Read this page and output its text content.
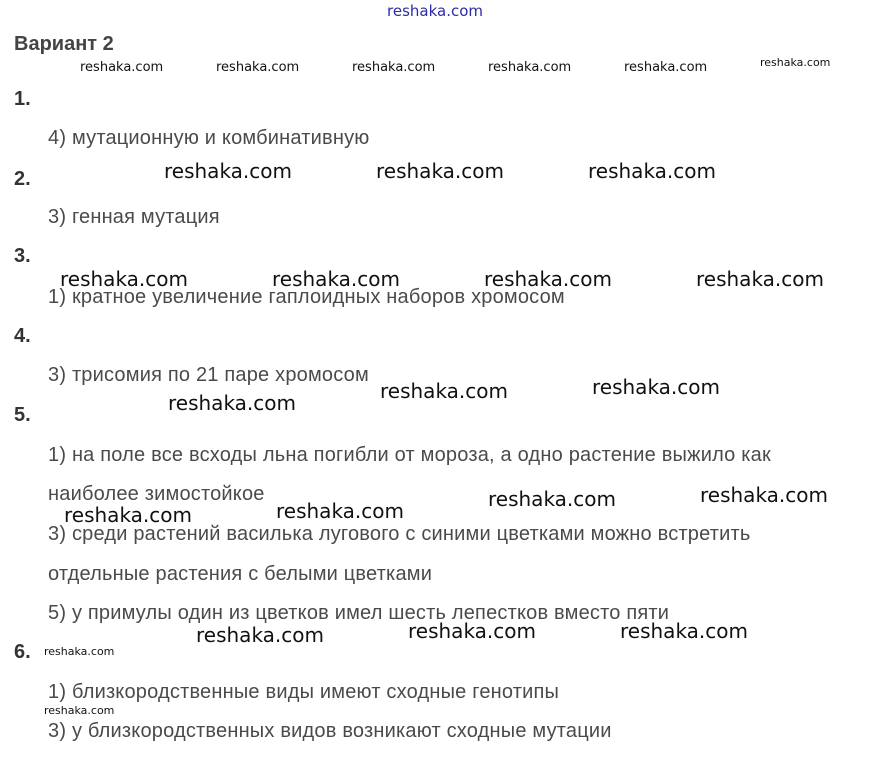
reshaka.com
Вариант 2
reshaka.com	reshaka.com	reshaka.com	reshaka.com	reshaka.com	reshaka.com
1.
4) мутационную и комбинативную
2.	reshaka.com	reshaka.com	reshaka.com
3) генная мутация
3.
1) кратное увеличение гаплоидных наборов хромосом
reshaka.com	reshaka.com	reshaka.com	reshaka.com
4.
3) трисомия по 21 паре хромосом	reshaka.com
reshaka.com
reshaka.com
5.
1) на поле все всходы льна погибли от мороза, а одно растение выжило как
наиболее зимостойкое	reshaka.com
reshaka.com
reshaka.com
reshaka.com
3) среди растений василька лугового с синими цветками можно встретить
отдельные растения с белыми цветками
5) у примулы один из цветков имел шесть лепестков вместо пяти
reshaka.com	reshaka.com	reshaka.com
6. reshaka.com
1) близкородственные виды имеют сходные генотипы
reshaka.com
3) у близкородственных видов возникают сходные мутации
